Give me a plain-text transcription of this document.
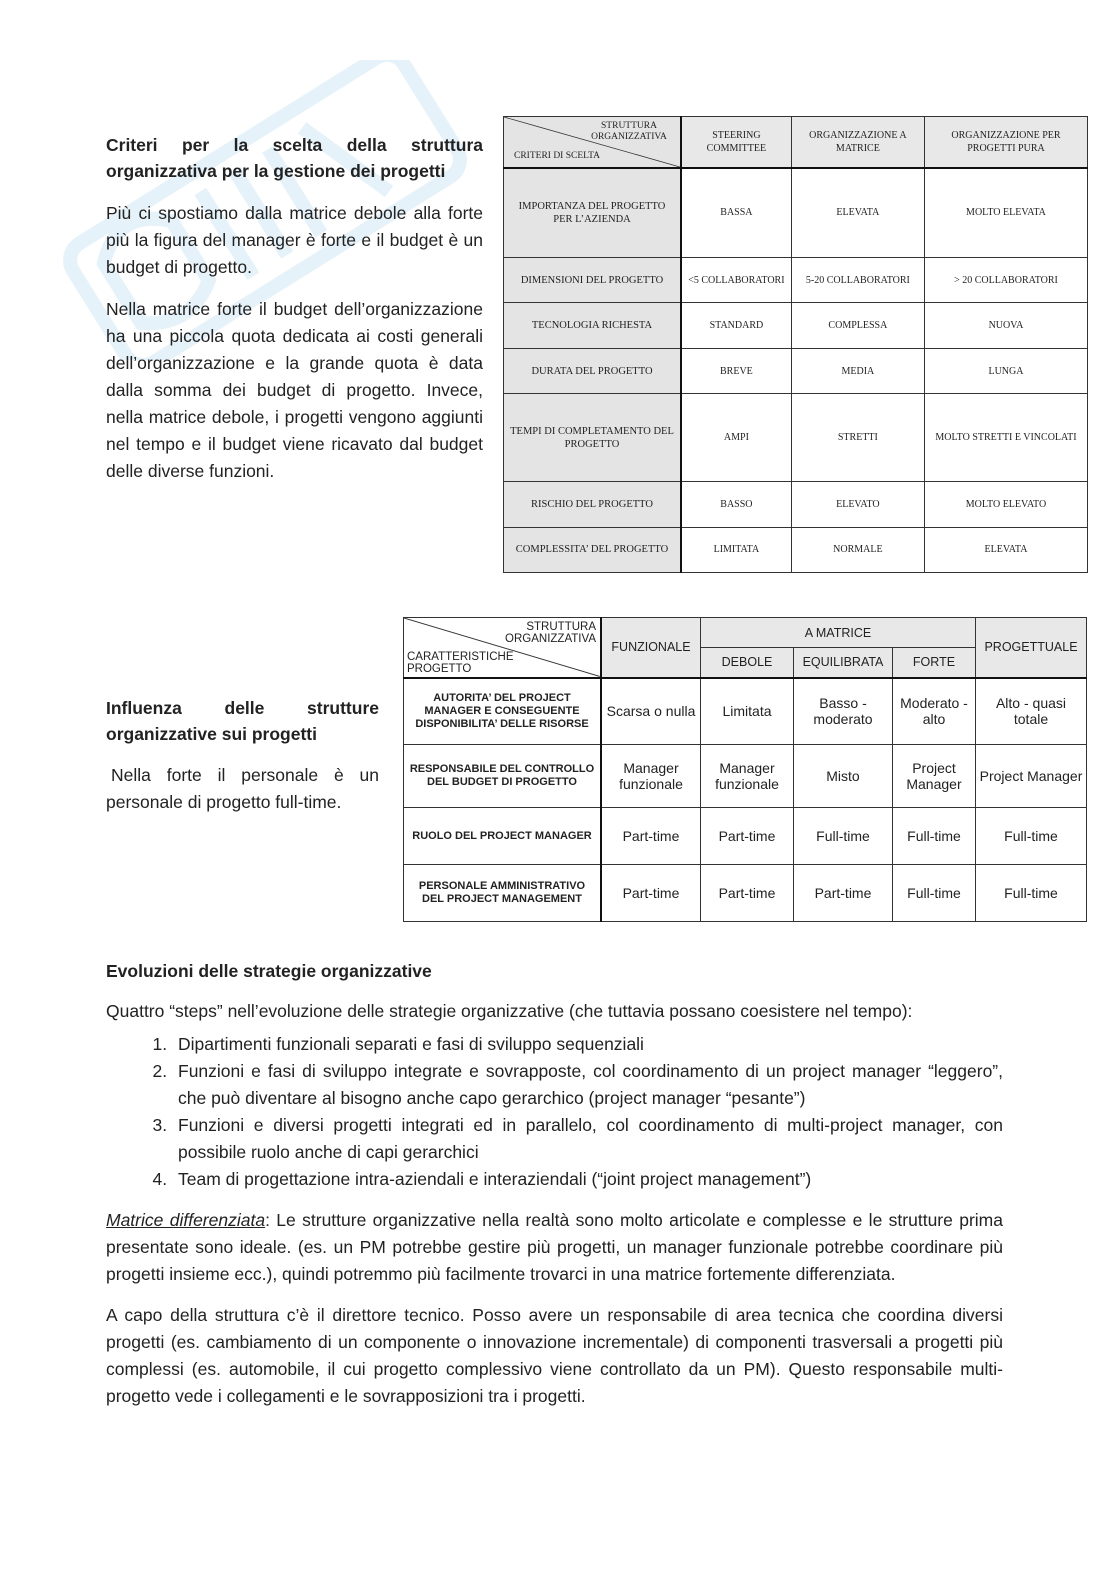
Criteri per la scelta della struttura organizzativa per la gestione dei progetti

Più ci spostiamo dalla matrice debole alla forte più la figura del manager è forte e il budget è un budget di progetto.

Nella matrice forte il budget dell’organizzazione ha una piccola quota dedicata ai costi generali dell’organizzazione e la grande quota è data dalla somma dei budget di progetto. Invece, nella matrice debole, i progetti vengono aggiunti nel tempo e il budget viene ricavato dal budget delle diverse funzioni.

STRUTTURA ORGANIZZATIVA
CRITERI DI SCELTA	STEERING COMMITTEE	ORGANIZZAZIONE A MATRICE	ORGANIZZAZIONE PER PROGETTI PURA
IMPORTANZA DEL PROGETTO PER L’AZIENDA	BASSA	ELEVATA	MOLTO ELEVATA
DIMENSIONI DEL PROGETTO	<5 COLLABORATORI	5-20 COLLABORATORI	> 20 COLLABORATORI
TECNOLOGIA RICHESTA	STANDARD	COMPLESSA	NUOVA
DURATA DEL PROGETTO	BREVE	MEDIA	LUNGA
TEMPI DI COMPLETAMENTO DEL PROGETTO	AMPI	STRETTI	MOLTO STRETTI E VINCOLATI
RISCHIO DEL PROGETTO	BASSO	ELEVATO	MOLTO ELEVATO
COMPLESSITA’ DEL PROGETTO	LIMITATA	NORMALE	ELEVATA

Influenza delle strutture organizzative sui progetti

Nella forte il personale è un personale di progetto full-time.

STRUTTURA ORGANIZZATIVA
CARATTERISTICHE PROGETTO	FUNZIONALE	A MATRICE			PROGETTUALE
		DEBOLE	EQUILIBRATA	FORTE	
AUTORITA’ DEL PROJECT MANAGER E CONSEGUENTE DISPONIBILITA’ DELLE RISORSE	Scarsa o nulla	Limitata	Basso - moderato	Moderato - alto	Alto - quasi totale
RESPONSABILE DEL CONTROLLO DEL BUDGET DI PROGETTO	Manager funzionale	Manager funzionale	Misto	Project Manager	Project Manager
RUOLO DEL PROJECT MANAGER	Part-time	Part-time	Full-time	Full-time	Full-time
PERSONALE AMMINISTRATIVO DEL PROJECT MANAGEMENT	Part-time	Part-time	Part-time	Full-time	Full-time

Evoluzioni delle strategie organizzative

Quattro “steps” nell’evoluzione delle strategie organizzative (che tuttavia possano coesistere nel tempo):

1. Dipartimenti funzionali separati e fasi di sviluppo sequenziali
2. Funzioni e fasi di sviluppo integrate e sovrapposte, col coordinamento di un project manager “leggero”, che può diventare al bisogno anche capo gerarchico (project manager “pesante”)
3. Funzioni e diversi progetti integrati ed in parallelo, col coordinamento di multi-project manager, con possibile ruolo anche di capi gerarchici
4. Team di progettazione intra-aziendali e interaziendali (“joint project management”)

Matrice differenziata: Le strutture organizzative nella realtà sono molto articolate e complesse e le strutture prima presentate sono ideale. (es. un PM potrebbe gestire più progetti, un manager funzionale potrebbe coordinare più progetti insieme ecc.), quindi potremmo più facilmente trovarci in una matrice fortemente differenziata.

A capo della struttura c’è il direttore tecnico. Posso avere un responsabile di area tecnica che coordina diversi progetti (es. cambiamento di un componente o innovazione incrementale) di componenti trasversali a progetti più complessi (es. automobile, il cui progetto complessivo viene controllato da un PM). Questo responsabile multi-progetto vede i collegamenti e le sovrapposizioni tra i progetti.
